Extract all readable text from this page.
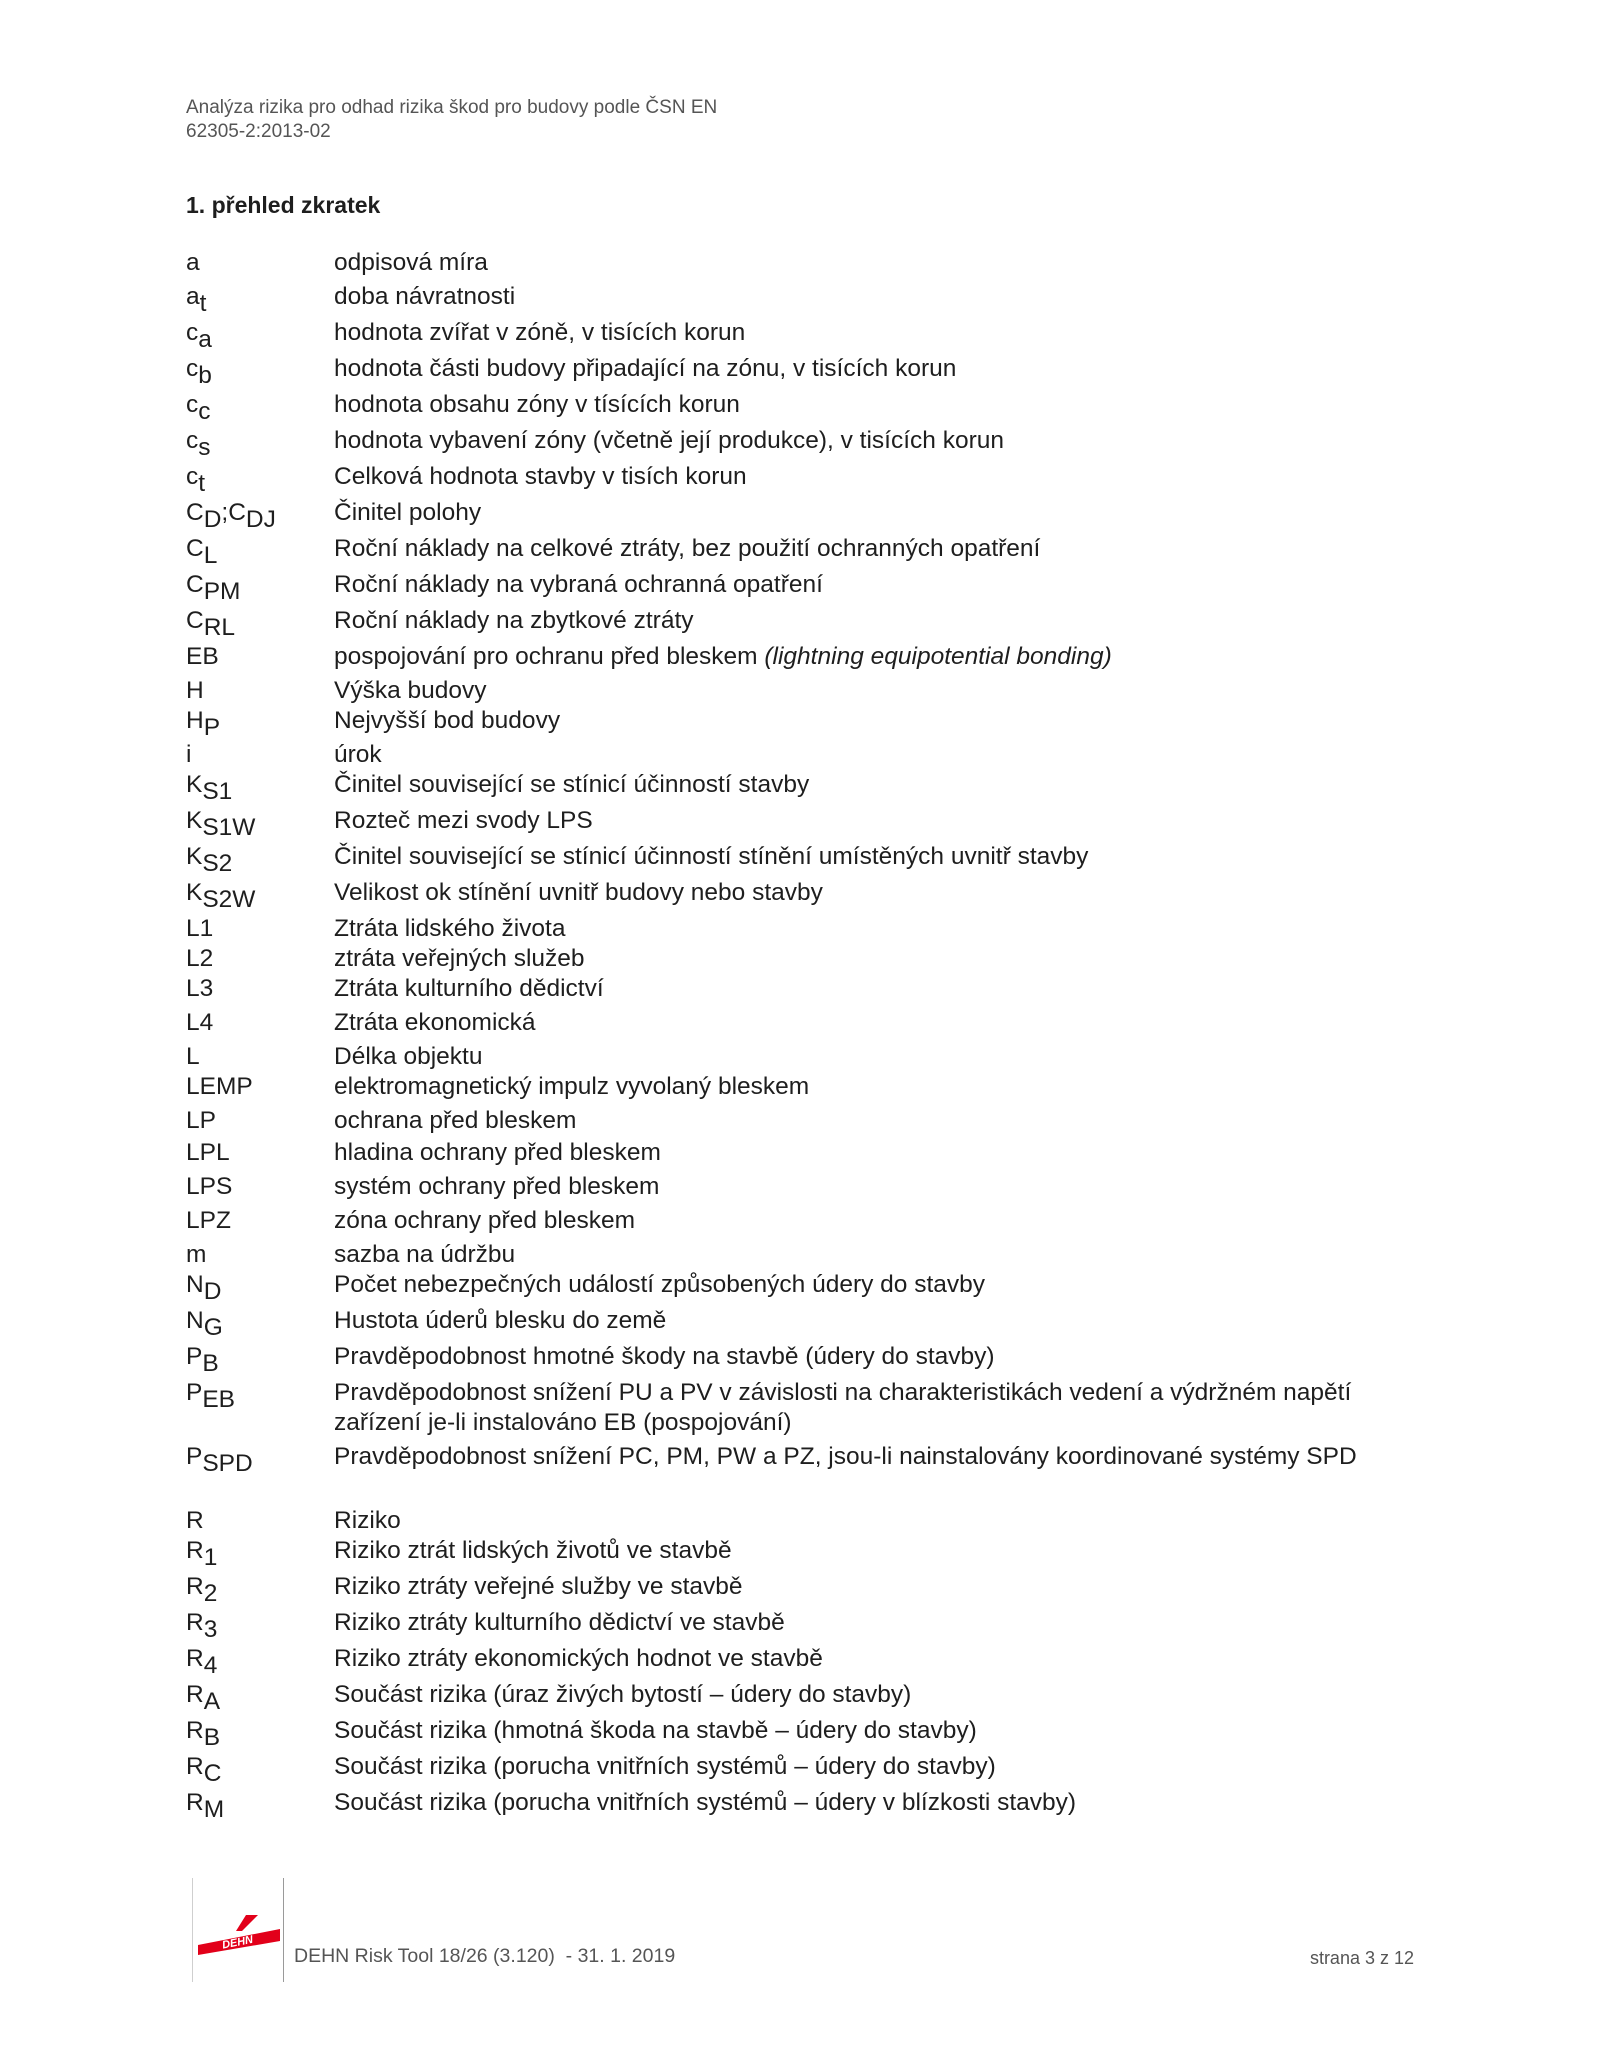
Analýza rizika pro odhad rizika škod pro budovy podle ČSN EN
62305-2:2013-02
1. přehled zkratek
a	odpisová míra
$a_t$	doba návratnosti
$c_a$	hodnota zvířat v zóně, v tisících korun
$c_b$	hodnota části budovy připadající na zónu, v tisících korun
$c_c$	hodnota obsahu zóny v tísících korun
$c_s$	hodnota vybavení zóny (včetně její produkce), v tisících korun
$c_t$	Celková hodnota stavby v tisích korun
$C_D;C_{DJ}$	Činitel polohy
$C_L$	Roční náklady na celkové ztráty, bez použití ochranných opatření
$C_{PM}$	Roční náklady na vybraná ochranná opatření
$C_{RL}$	Roční náklady na zbytkové ztráty
EB	pospojování pro ochranu před bleskem (lightning equipotential bonding)
H	Výška budovy
$H_P$	Nejvyšší bod budovy
i	úrok
$K_{S1}$	Činitel související se stínicí účinností stavby
$K_{S1W}$	Rozteč mezi svody LPS
$K_{S2}$	Činitel související se stínicí účinností stínění umístěných uvnitř stavby
$K_{S2W}$	Velikost ok stínění uvnitř budovy nebo stavby
L1	Ztráta lidského života
L2	ztráta veřejných služeb
L3	Ztráta kulturního dědictví
L4	Ztráta ekonomická
L	Délka objektu
LEMP	elektromagnetický impulz vyvolaný bleskem
LP	ochrana před bleskem
LPL	hladina ochrany před bleskem
LPS	systém ochrany před bleskem
LPZ	zóna ochrany před bleskem
m	sazba na údržbu
$N_D$	Počet nebezpečných událostí způsobených údery do stavby
$N_G$	Hustota úderů blesku do země
$P_B$	Pravděpodobnost hmotné škody na stavbě (údery do stavby)
$P_{EB}$	Pravděpodobnost snížení PU a PV v závislosti na charakteristikách vedení a výdržném napětí zařízení je-li instalováno EB (pospojování)
$P_{SPD}$	Pravděpodobnost snížení PC, PM, PW a PZ, jsou-li nainstalovány koordinované systémy SPD
R	Riziko
$R_1$	Riziko ztrát lidských životů ve stavbě
$R_2$	Riziko ztráty veřejné služby ve stavbě
$R_3$	Riziko ztráty kulturního dědictví ve stavbě
$R_4$	Riziko ztráty ekonomických hodnot ve stavbě
$R_A$	Součást rizika (úraz živých bytostí – údery do stavby)
$R_B$	Součást rizika (hmotná škoda na stavbě – údery do stavby)
$R_C$	Součást rizika (porucha vnitřních systémů – údery do stavby)
$R_M$	Součást rizika (porucha vnitřních systémů – údery v blízkosti stavby)
DEHN
DEHN Risk Tool 18/26 (3.120)  - 31. 1. 2019	strana 3 z 12
